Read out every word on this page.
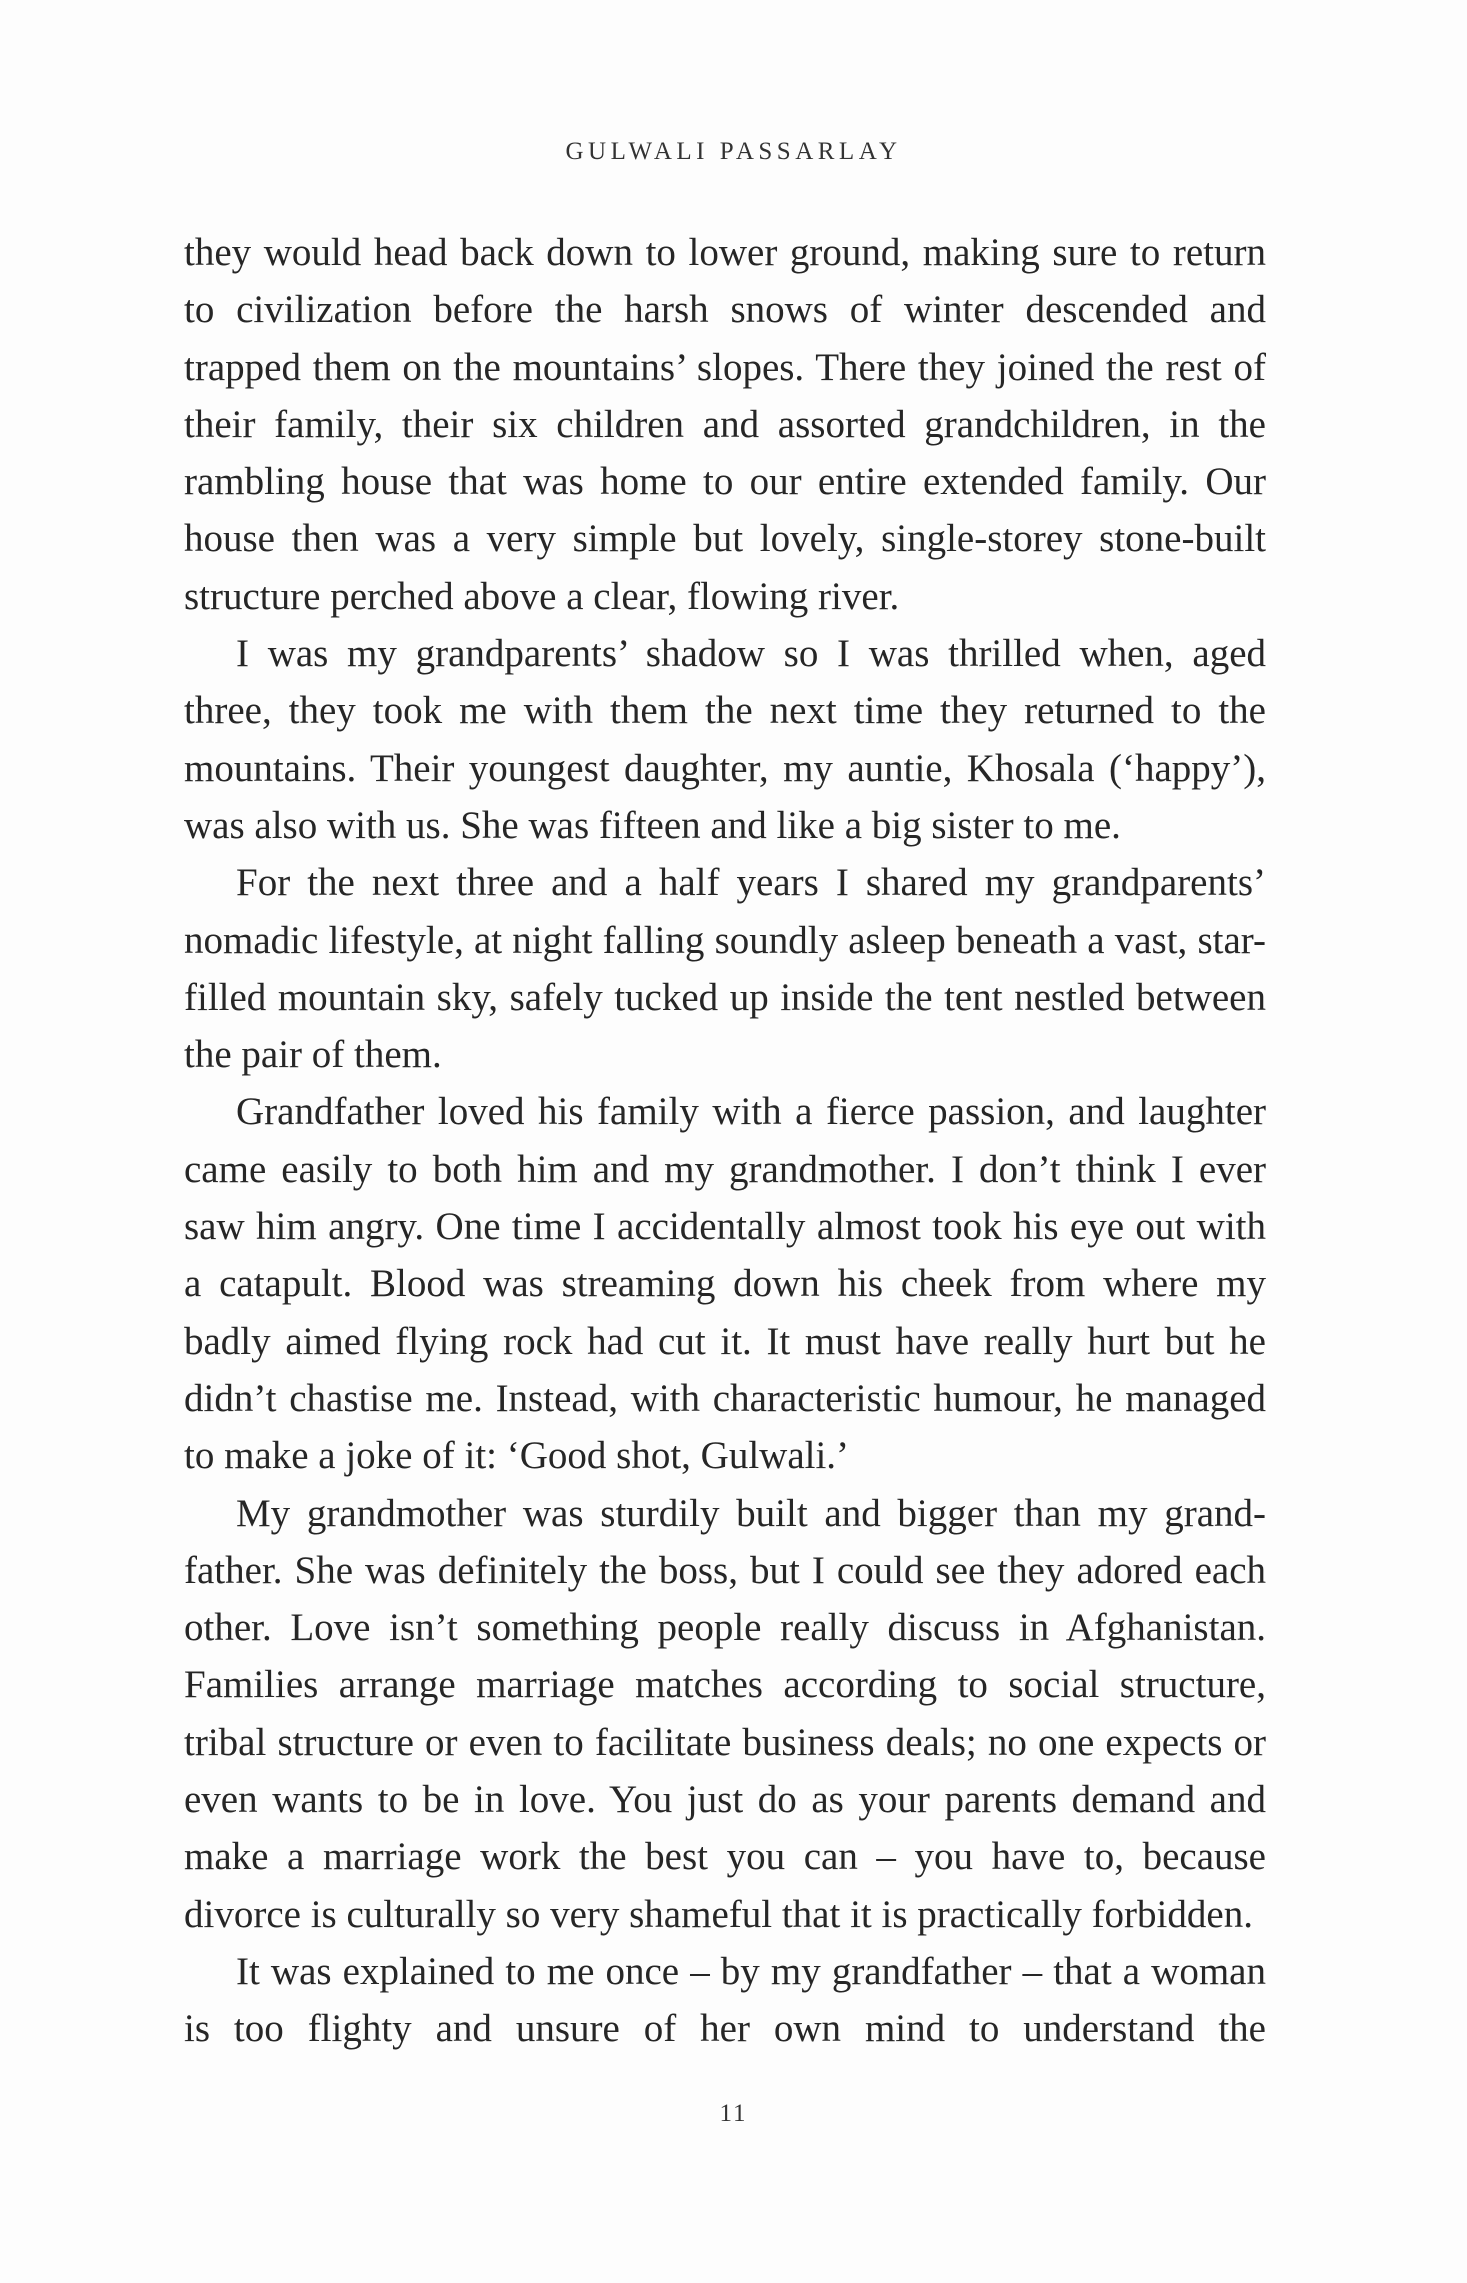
GULWALI PASSARLAY

they would head back down to lower ground, making sure to return to civilization before the harsh snows of winter descended and trapped them on the mountains’ slopes. There they joined the rest of their family, their six children and assorted grandchildren, in the rambling house that was home to our entire extended family. Our house then was a very simple but lovely, single-storey stone-built structure perched above a clear, flowing river.

I was my grandparents’ shadow so I was thrilled when, aged three, they took me with them the next time they returned to the mountains. Their youngest daughter, my auntie, Khosala (‘happy’), was also with us. She was fifteen and like a big sister to me.

For the next three and a half years I shared my grandparents’ nomadic lifestyle, at night falling soundly asleep beneath a vast, star-filled mountain sky, safely tucked up inside the tent nestled between the pair of them.

Grandfather loved his family with a fierce passion, and laughter came easily to both him and my grandmother. I don’t think I ever saw him angry. One time I accidentally almost took his eye out with a catapult. Blood was streaming down his cheek from where my badly aimed flying rock had cut it. It must have really hurt but he didn’t chastise me. Instead, with characteristic humour, he managed to make a joke of it: ‘Good shot, Gulwali.’

My grandmother was sturdily built and bigger than my grand-father. She was definitely the boss, but I could see they adored each other. Love isn’t something people really discuss in Afghanistan. Families arrange marriage matches according to social structure, tribal structure or even to facilitate business deals; no one expects or even wants to be in love. You just do as your parents demand and make a marriage work the best you can – you have to, because divorce is culturally so very shameful that it is practically forbidden.

It was explained to me once – by my grandfather – that a woman is too flighty and unsure of her own mind to understand the

11
